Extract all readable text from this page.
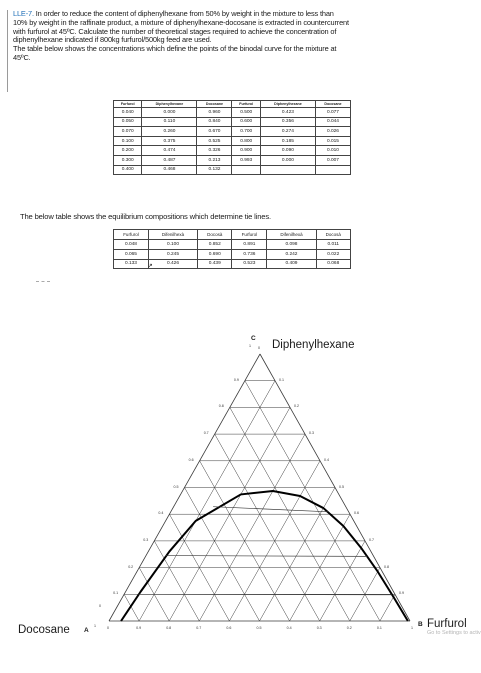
LLE-7. In order to reduce the content of diphenylhexane from 50% by weight in the mixture to less than
10% by weight in the raffinate product, a mixture of diphenylhexane-docosane is extracted in countercurrent
with furfurol at 45ºC. Calculate the number of theoretical stages required to achieve the concentration of
diphenylhexane indicated if 800kg furfurol/500kg feed are used.
The table below shows the concentrations which define the points of the binodal curve for the mixture at
45ºC.
Furfurol	Diphenylhexane	Docosane	Furfurol	Diphenylhexane	Docosane
0.040	0.000	0.960	0.500	0.423	0.077
0.050	0.110	0.840	0.600	0.356	0.044
0.070	0.260	0.670	0.700	0.274	0.026
0.100	0.375	0.525	0.800	0.185	0.015
0.200	0.474	0.326	0.900	0.090	0.010
0.300	0.487	0.213	0.993	0.000	0.007
0.400	0.468	0.132			
The below table shows the equilibrium compositions which determine tie lines.
Furfurol	Difenilhexà	Docosà	Furfurol	Difenilhexà	Docosà
0.048	0.100	0.852	0.891	0.098	0.011
0.065	0.245	0.690	0.736	0.242	0.022
0.133	0.426	0.439	0.523	0.409	0.068
↗
C
Diphenylhexane
1 0
Docosane A
1
0
0	1 B Furfurol
Go to Settings to activ
0.9
0.8
0.7
0.6
0.5
0.4
0.3
0.2
0.1
0.1
0.2
0.3
0.4
0.5
0.6
0.7
0.8
0.9
0.9	0.8	0.7	0.6	0.5	0.4	0.3	0.2	0.1
